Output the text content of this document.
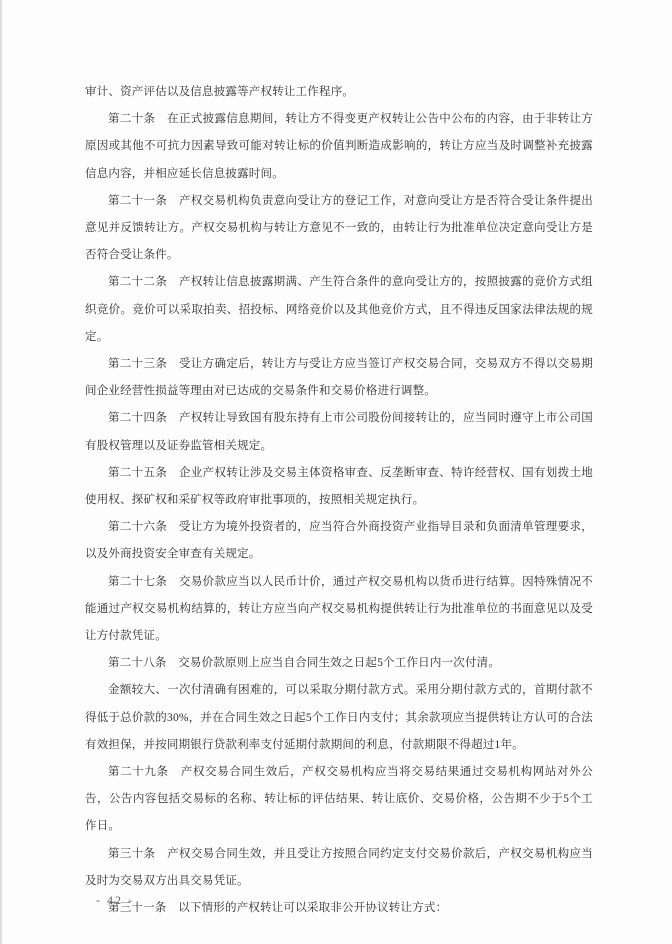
审计、资产评估以及信息披露等产权转让工作程序。

第二十条　在正式披露信息期间，转让方不得变更产权转让公告中公布的内容，由于非转让方原因或其他不可抗力因素导致可能对转让标的价值判断造成影响的，转让方应当及时调整补充披露信息内容，并相应延长信息披露时间。

第二十一条　产权交易机构负责意向受让方的登记工作，对意向受让方是否符合受让条件提出意见并反馈转让方。产权交易机构与转让方意见不一致的，由转让行为批准单位决定意向受让方是否符合受让条件。

第二十二条　产权转让信息披露期满、产生符合条件的意向受让方的，按照披露的竞价方式组织竞价。竞价可以采取拍卖、招投标、网络竞价以及其他竞价方式，且不得违反国家法律法规的规定。

第二十三条　受让方确定后，转让方与受让方应当签订产权交易合同，交易双方不得以交易期间企业经营性损益等理由对已达成的交易条件和交易价格进行调整。

第二十四条　产权转让导致国有股东持有上市公司股份间接转让的，应当同时遵守上市公司国有股权管理以及证券监管相关规定。

第二十五条　企业产权转让涉及交易主体资格审查、反垄断审查、特许经营权、国有划拨土地使用权、探矿权和采矿权等政府审批事项的，按照相关规定执行。

第二十六条　受让方为境外投资者的，应当符合外商投资产业指导目录和负面清单管理要求，以及外商投资安全审查有关规定。

第二十七条　交易价款应当以人民币计价，通过产权交易机构以货币进行结算。因特殊情况不能通过产权交易机构结算的，转让方应当向产权交易机构提供转让行为批准单位的书面意见以及受让方付款凭证。

第二十八条　交易价款原则上应当自合同生效之日起5个工作日内一次付清。

金额较大、一次付清确有困难的，可以采取分期付款方式。采用分期付款方式的，首期付款不得低于总价款的30%，并在合同生效之日起5个工作日内支付；其余款项应当提供转让方认可的合法有效担保，并按同期银行贷款利率支付延期付款期间的利息，付款期限不得超过1年。

第二十九条　产权交易合同生效后，产权交易机构应当将交易结果通过交易机构网站对外公告，公告内容包括交易标的名称、转让标的评估结果、转让底价、交易价格，公告期不少于5个工作日。

第三十条　产权交易合同生效，并且受让方按照合同约定支付交易价款后，产权交易机构应当及时为交易双方出具交易凭证。

第三十一条　以下情形的产权转让可以采取非公开协议转让方式：

- 42 -
